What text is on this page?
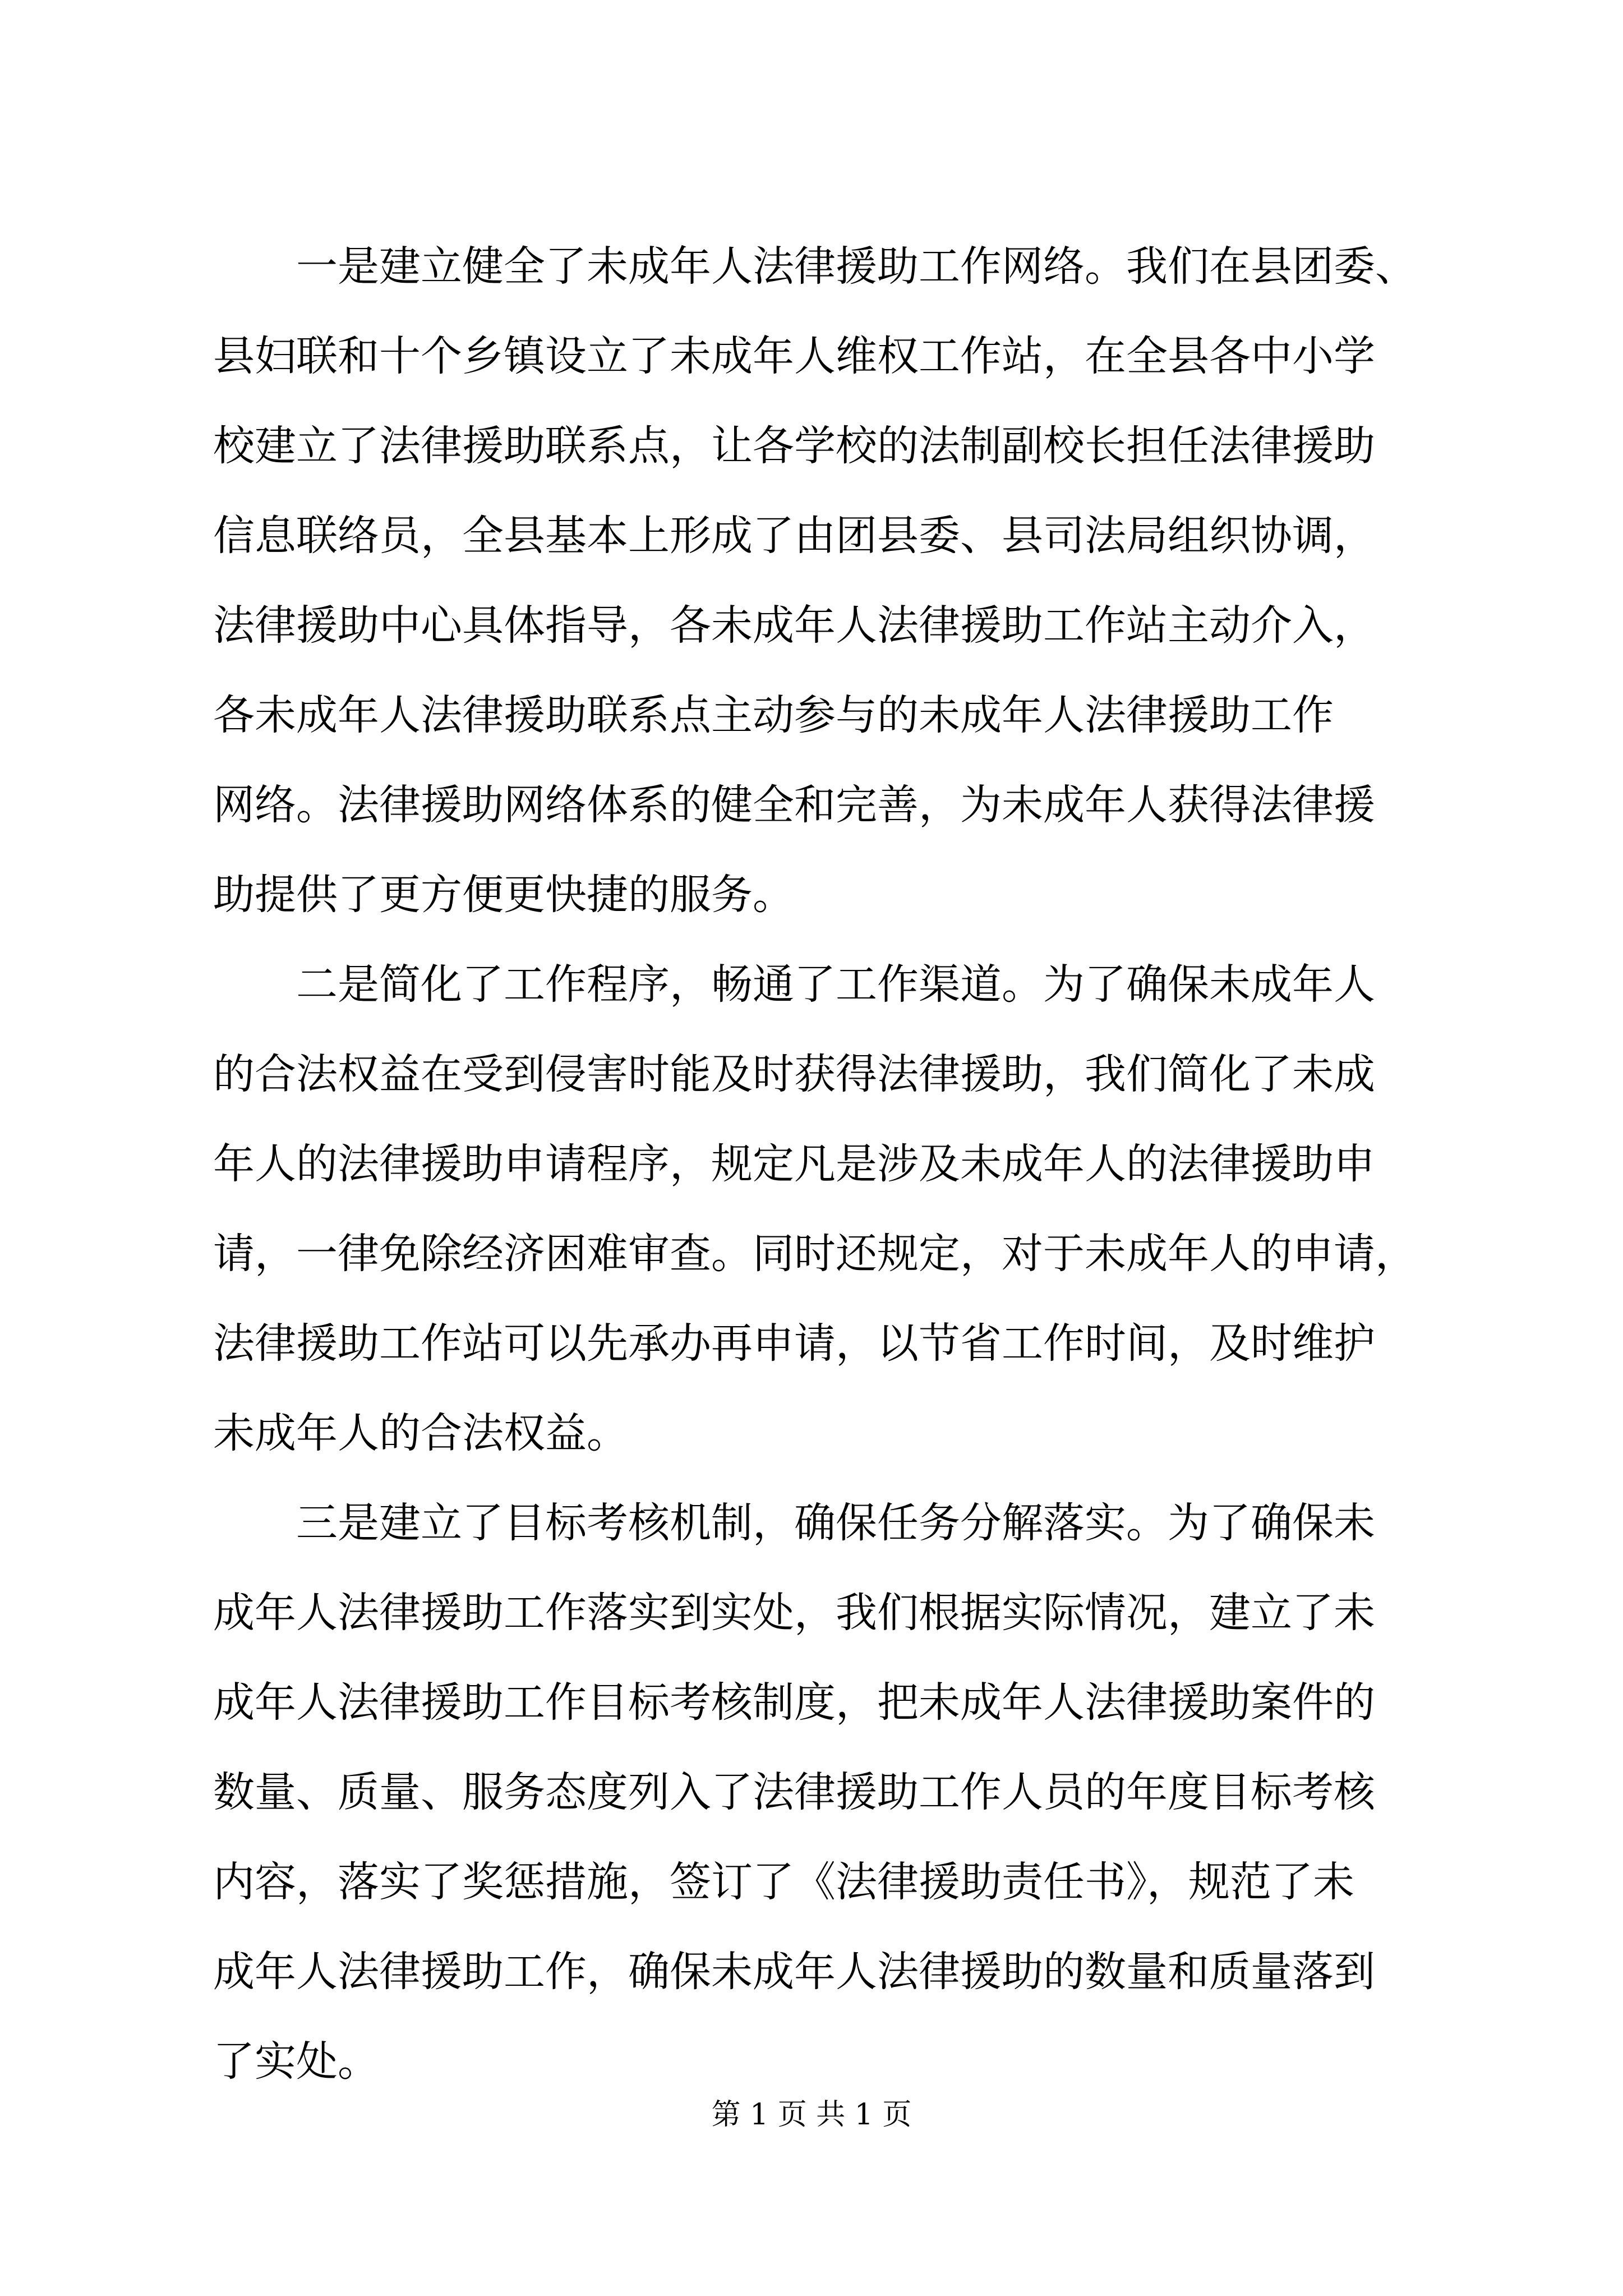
一是建立健全了未成年人法律援助工作网络。我们在县团委、
县妇联和十个乡镇设立了未成年人维权工作站，在全县各中小学
校建立了法律援助联系点，让各学校的法制副校长担任法律援助
信息联络员，全县基本上形成了由团县委、县司法局组织协调，
法律援助中心具体指导，各未成年人法律援助工作站主动介入，
各未成年人法律援助联系点主动参与的未成年人法律援助工作
网络。法律援助网络体系的健全和完善，为未成年人获得法律援
助提供了更方便更快捷的服务。
二是简化了工作程序，畅通了工作渠道。为了确保未成年人
的合法权益在受到侵害时能及时获得法律援助，我们简化了未成
年人的法律援助申请程序，规定凡是涉及未成年人的法律援助申
请，一律免除经济困难审查。同时还规定，对于未成年人的申请，
法律援助工作站可以先承办再申请，以节省工作时间，及时维护
未成年人的合法权益。
三是建立了目标考核机制，确保任务分解落实。为了确保未
成年人法律援助工作落实到实处，我们根据实际情况，建立了未
成年人法律援助工作目标考核制度，把未成年人法律援助案件的
数量、质量、服务态度列入了法律援助工作人员的年度目标考核
内容，落实了奖惩措施，签订了《法律援助责任书》，规范了未
成年人法律援助工作，确保未成年人法律援助的数量和质量落到
了实处。
第 1 页 共 1 页
